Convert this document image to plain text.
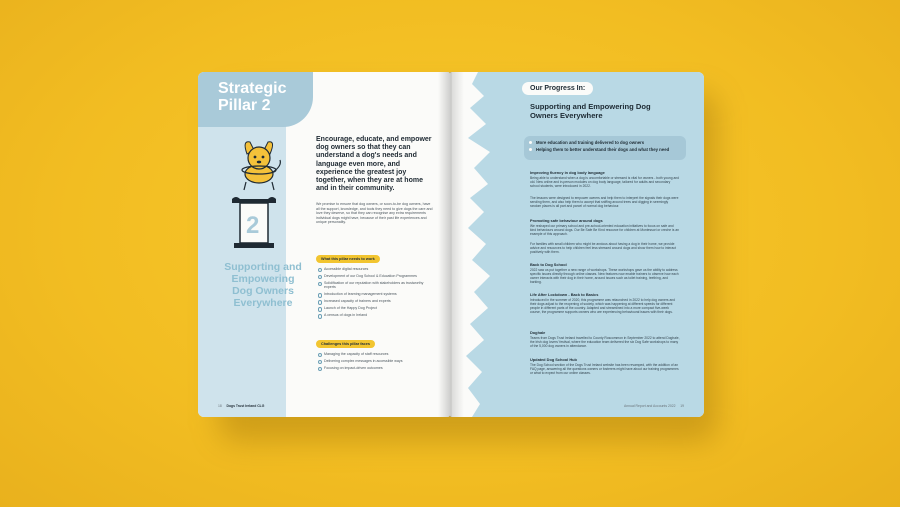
Strategic Pillar 2
2
Supporting and Empowering Dog Owners Everywhere
Encourage, educate, and empower dog owners so that they can understand a dog's needs and language even more, and experience the greatest joy together, when they are at home and in their community.
We promise to ensure that dog owners, or soon-to-be dog owners, have all the support, knowledge, and tools they need to give dogs the care and love they deserve, so that they can recognise any extra requirements individual dogs might have, because of their past life experiences and unique personality.
What this pillar needs to work
Accessible digital resources
Development of our Dog School & Education Programmes
Solidification of our reputation with stakeholders as trustworthy experts
Introduction of learning management systems
Increased capacity of trainers and experts
Launch of the Happy Dog Project
A census of dogs in Ireland
Challenges this pillar faces
Managing the capacity of staff resources
Delivering complex messages in accessible ways
Focusing on impact-driven outcomes
18 Dogs Trust Ireland CLG
Our Progress In:
Supporting and Empowering Dog Owners Everywhere
More education and training delivered to dog owners
Helping them to better understand their dogs and what they need
Improving fluency in dog body language
Being able to understand when a dog is uncomfortable or stressed is vital for owners - both young and old. New online and in-person modules on dog body language, tailored for adults and secondary school students, were introduced in 2022.
The lessons were designed to empower owners and help them to interpret the signals their dogs were sending them, and also help them to accept that sniffing around trees and digging in seemingly random places is all part and parcel of normal dog behaviour.
Promoting safe behaviour around dogs
We reshaped our primary school and pre-school-oriented education initiatives to focus on safe and kind behaviours around dogs. Our Be Safe Be Kind resource for children at Montessori or creche is an example of this approach.
For families with small children who might be anxious about having a dog in their home, we provide advice and resources to help children feel less stressed around dogs and show them how to interact positively with them.
Back to Dog School
2022 saw us put together a new range of workshops. These workshops gave us the ability to address specific issues directly through online classes. New features now enable trainers to observe how each owner interacts with their dog in their home, around issues such as toilet training, teething, and barking.
Life After Lockdown - Back to Basics
Introduced in the summer of 2020, this programme was relaunched in 2022 to help dog owners and their dogs adjust to the reopening of society, which was happening at different speeds for different people in different parts of the country. Adapted and streamlined into a more compact five-week course, the programme supports owners who are experiencing behavioural issues with their dogs.
Doghale
Teams from Dogs Trust Ireland travelled to County Roscommon in September 2022 to attend Doghale, the Irish dog lovers' festival, where the education team delivered the six Dog Safe workshops to many of the 5,000 dog owners in attendance.
Updated Dog School Hub
The Dog School section of the Dogs Trust Ireland website has been revamped, with the addition of an FAQ page, answering all the questions owners or fosterers might have about our training programmes or what to expect from our online classes.
Annual Report and Accounts 2022 19
